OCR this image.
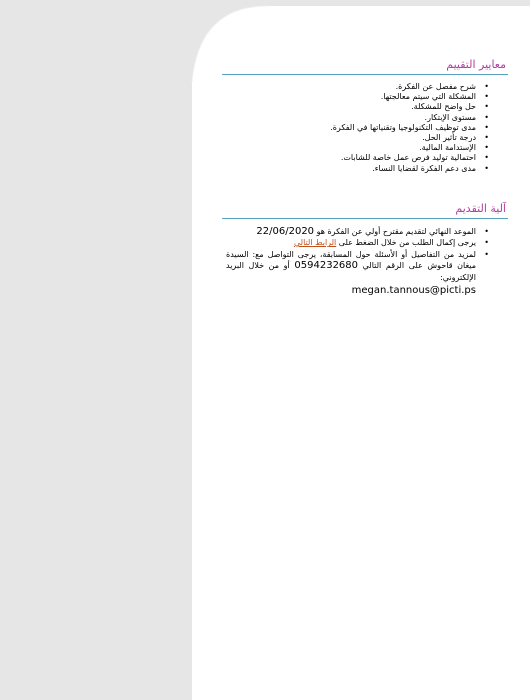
معايير التقييم
•
شرح مفصل عن الفكرة.
•
المشكلة التي سيتم معالجتها.
•
حل واضح للمشكلة.
•
مستوى الإبتكار.
•
مدى توظيف التكنولوجيا وتقنياتها في الفكرة.
•
درجة تأثير الحل.
•
الإستدامة المالية.
•
احتمالية توليد فرص عمل خاصة للشابات.
•
مدى دعم الفكرة لقضايا النساء.
آلية التقديم
•
الموعد النهائي لتقديم مقترح أولي عن الفكرة هو 22/06/2020
•
يرجى إكمال الطلب من خلال الضغط على الرابط التالي
•
لمزيد من التفاصيل أو الأسئلة حول المسابقة، يرجى التواصل مع: السيدة ميغان قاحوش على الرقم التالي 0594232680 أو من خلال البريد الإلكتروني:
megan.tannous@picti.ps
